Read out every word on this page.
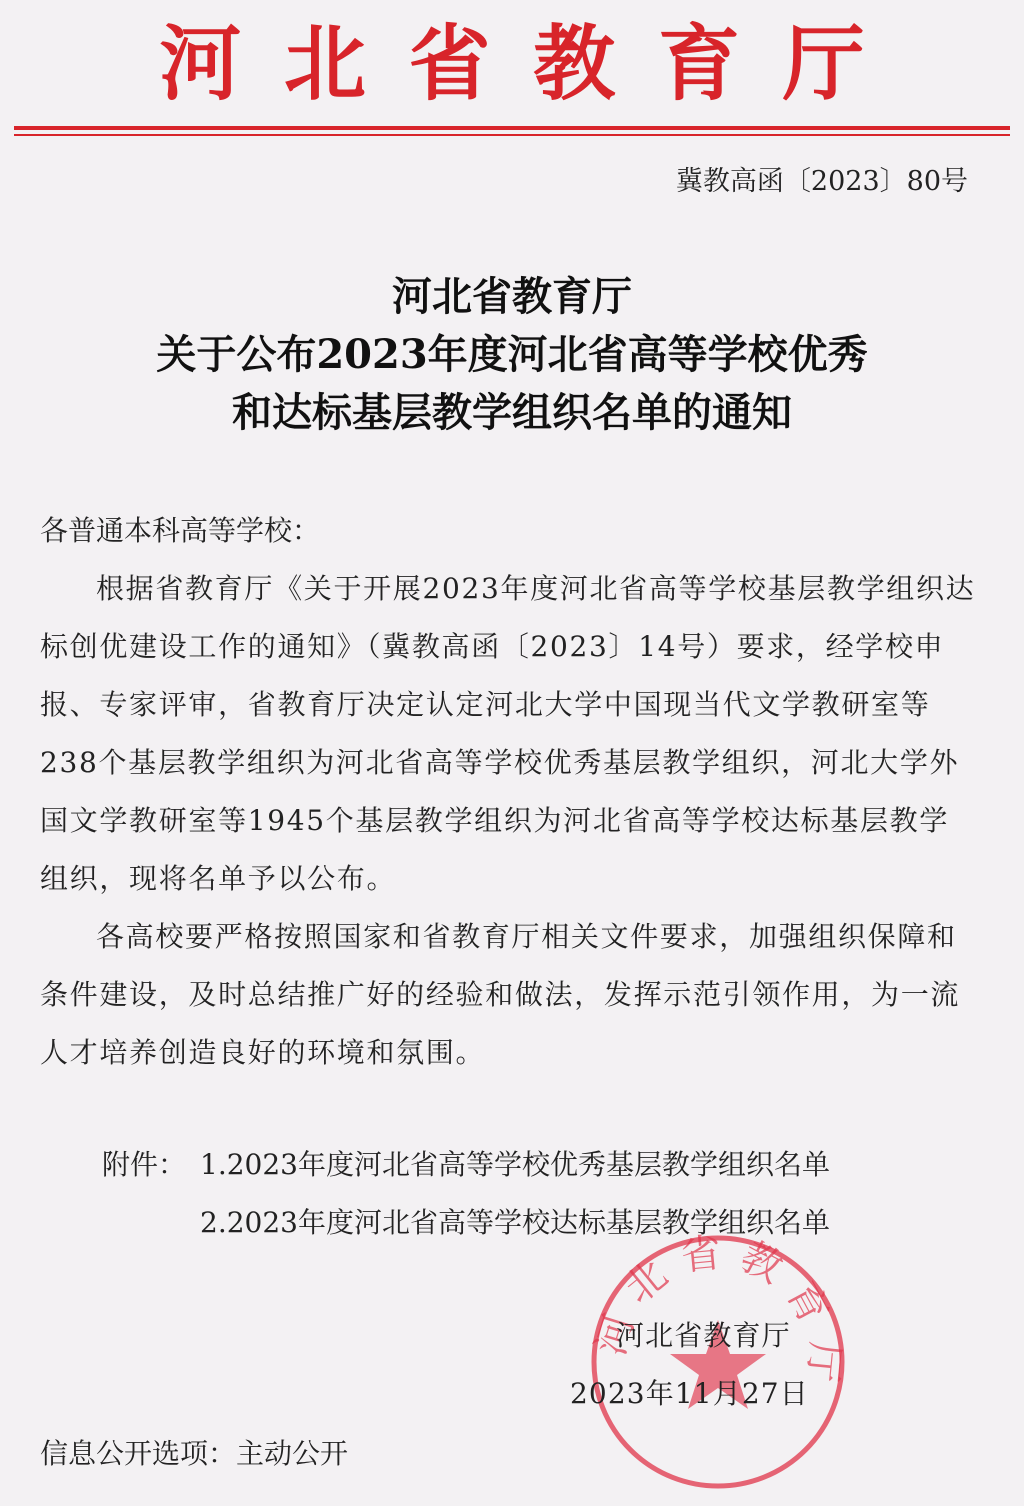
河北省教育厅
冀教高函〔2023〕80号
河北省教育厅
关于公布2023年度河北省高等学校优秀
和达标基层教学组织名单的通知
各普通本科高等学校：
根据省教育厅《关于开展2023年度河北省高等学校基层教学组织达标创优建设工作的通知》（冀教高函〔2023〕14号）要求，经学校申报、专家评审，省教育厅决定认定河北大学中国现当代文学教研室等238个基层教学组织为河北省高等学校优秀基层教学组织，河北大学外国文学教研室等1945个基层教学组织为河北省高等学校达标基层教学组织，现将名单予以公布。
各高校要严格按照国家和省教育厅相关文件要求，加强组织保障和条件建设，及时总结推广好的经验和做法，发挥示范引领作用，为一流人才培养创造良好的环境和氛围。
附件： 1.2023年度河北省高等学校优秀基层教学组织名单
2.2023年度河北省高等学校达标基层教学组织名单
河北省教育厅
河北省教育厅
2023年11月27日
信息公开选项：主动公开
